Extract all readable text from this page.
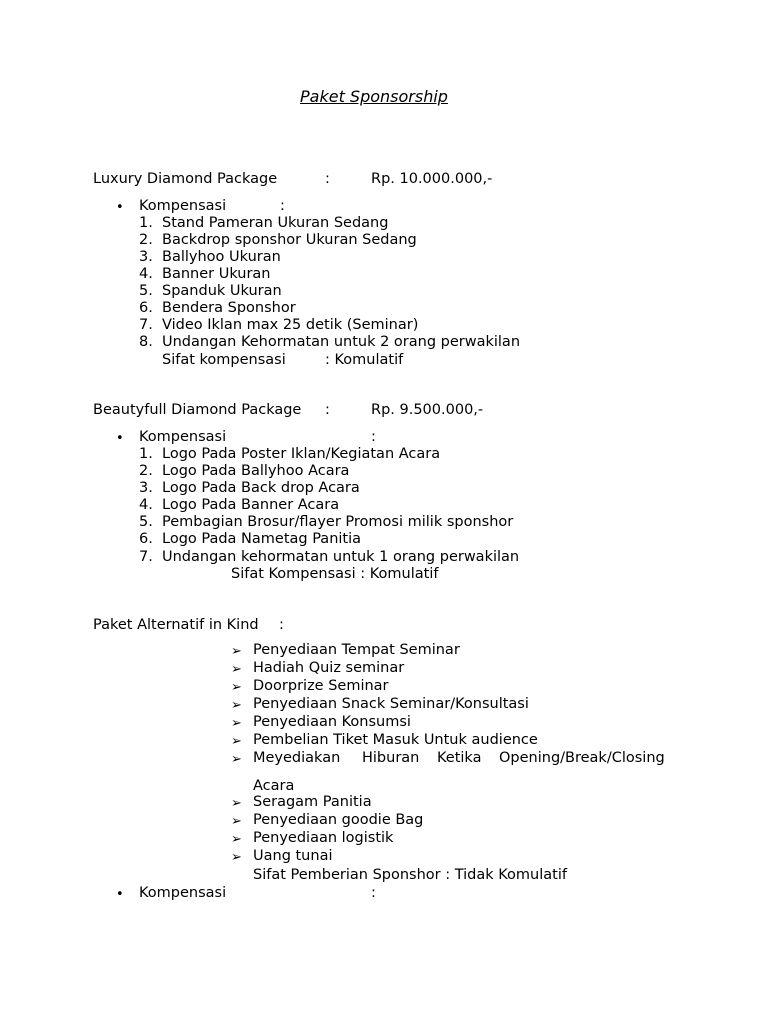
Paket Sponsorship
Luxury Diamond Package	:	Rp. 10.000.000,-
• Kompensasi	:
1. Stand Pameran Ukuran Sedang
2. Backdrop sponshor Ukuran Sedang
3. Ballyhoo Ukuran
4. Banner Ukuran
5. Spanduk Ukuran
6. Bendera Sponshor
7. Video Iklan max 25 detik (Seminar)
8. Undangan Kehormatan untuk 2 orang perwakilan
Sifat kompensasi	: Komulatif
Beautyfull Diamond Package :	Rp. 9.500.000,-
• Kompensasi	:
1. Logo Pada Poster Iklan/Kegiatan Acara
2. Logo Pada Ballyhoo Acara
3. Logo Pada Back drop Acara
4. Logo Pada Banner Acara
5. Pembagian Brosur/flayer Promosi milik sponshor
6. Logo Pada Nametag Panitia
7. Undangan kehormatan untuk 1 orang perwakilan
Sifat Kompensasi : Komulatif
Paket Alternatif in Kind :
➢ Penyediaan Tempat Seminar
➢ Hadiah Quiz seminar
➢ Doorprize Seminar
➢ Penyediaan Snack Seminar/Konsultasi
➢ Penyediaan Konsumsi
➢ Pembelian Tiket Masuk Untuk audience
➢ Meyediakan Hiburan Ketika Opening/Break/Closing
Acara
➢ Seragam Panitia
➢ Penyediaan goodie Bag
➢ Penyediaan logistik
➢ Uang tunai
Sifat Pemberian Sponshor : Tidak Komulatif
• Kompensasi	:
